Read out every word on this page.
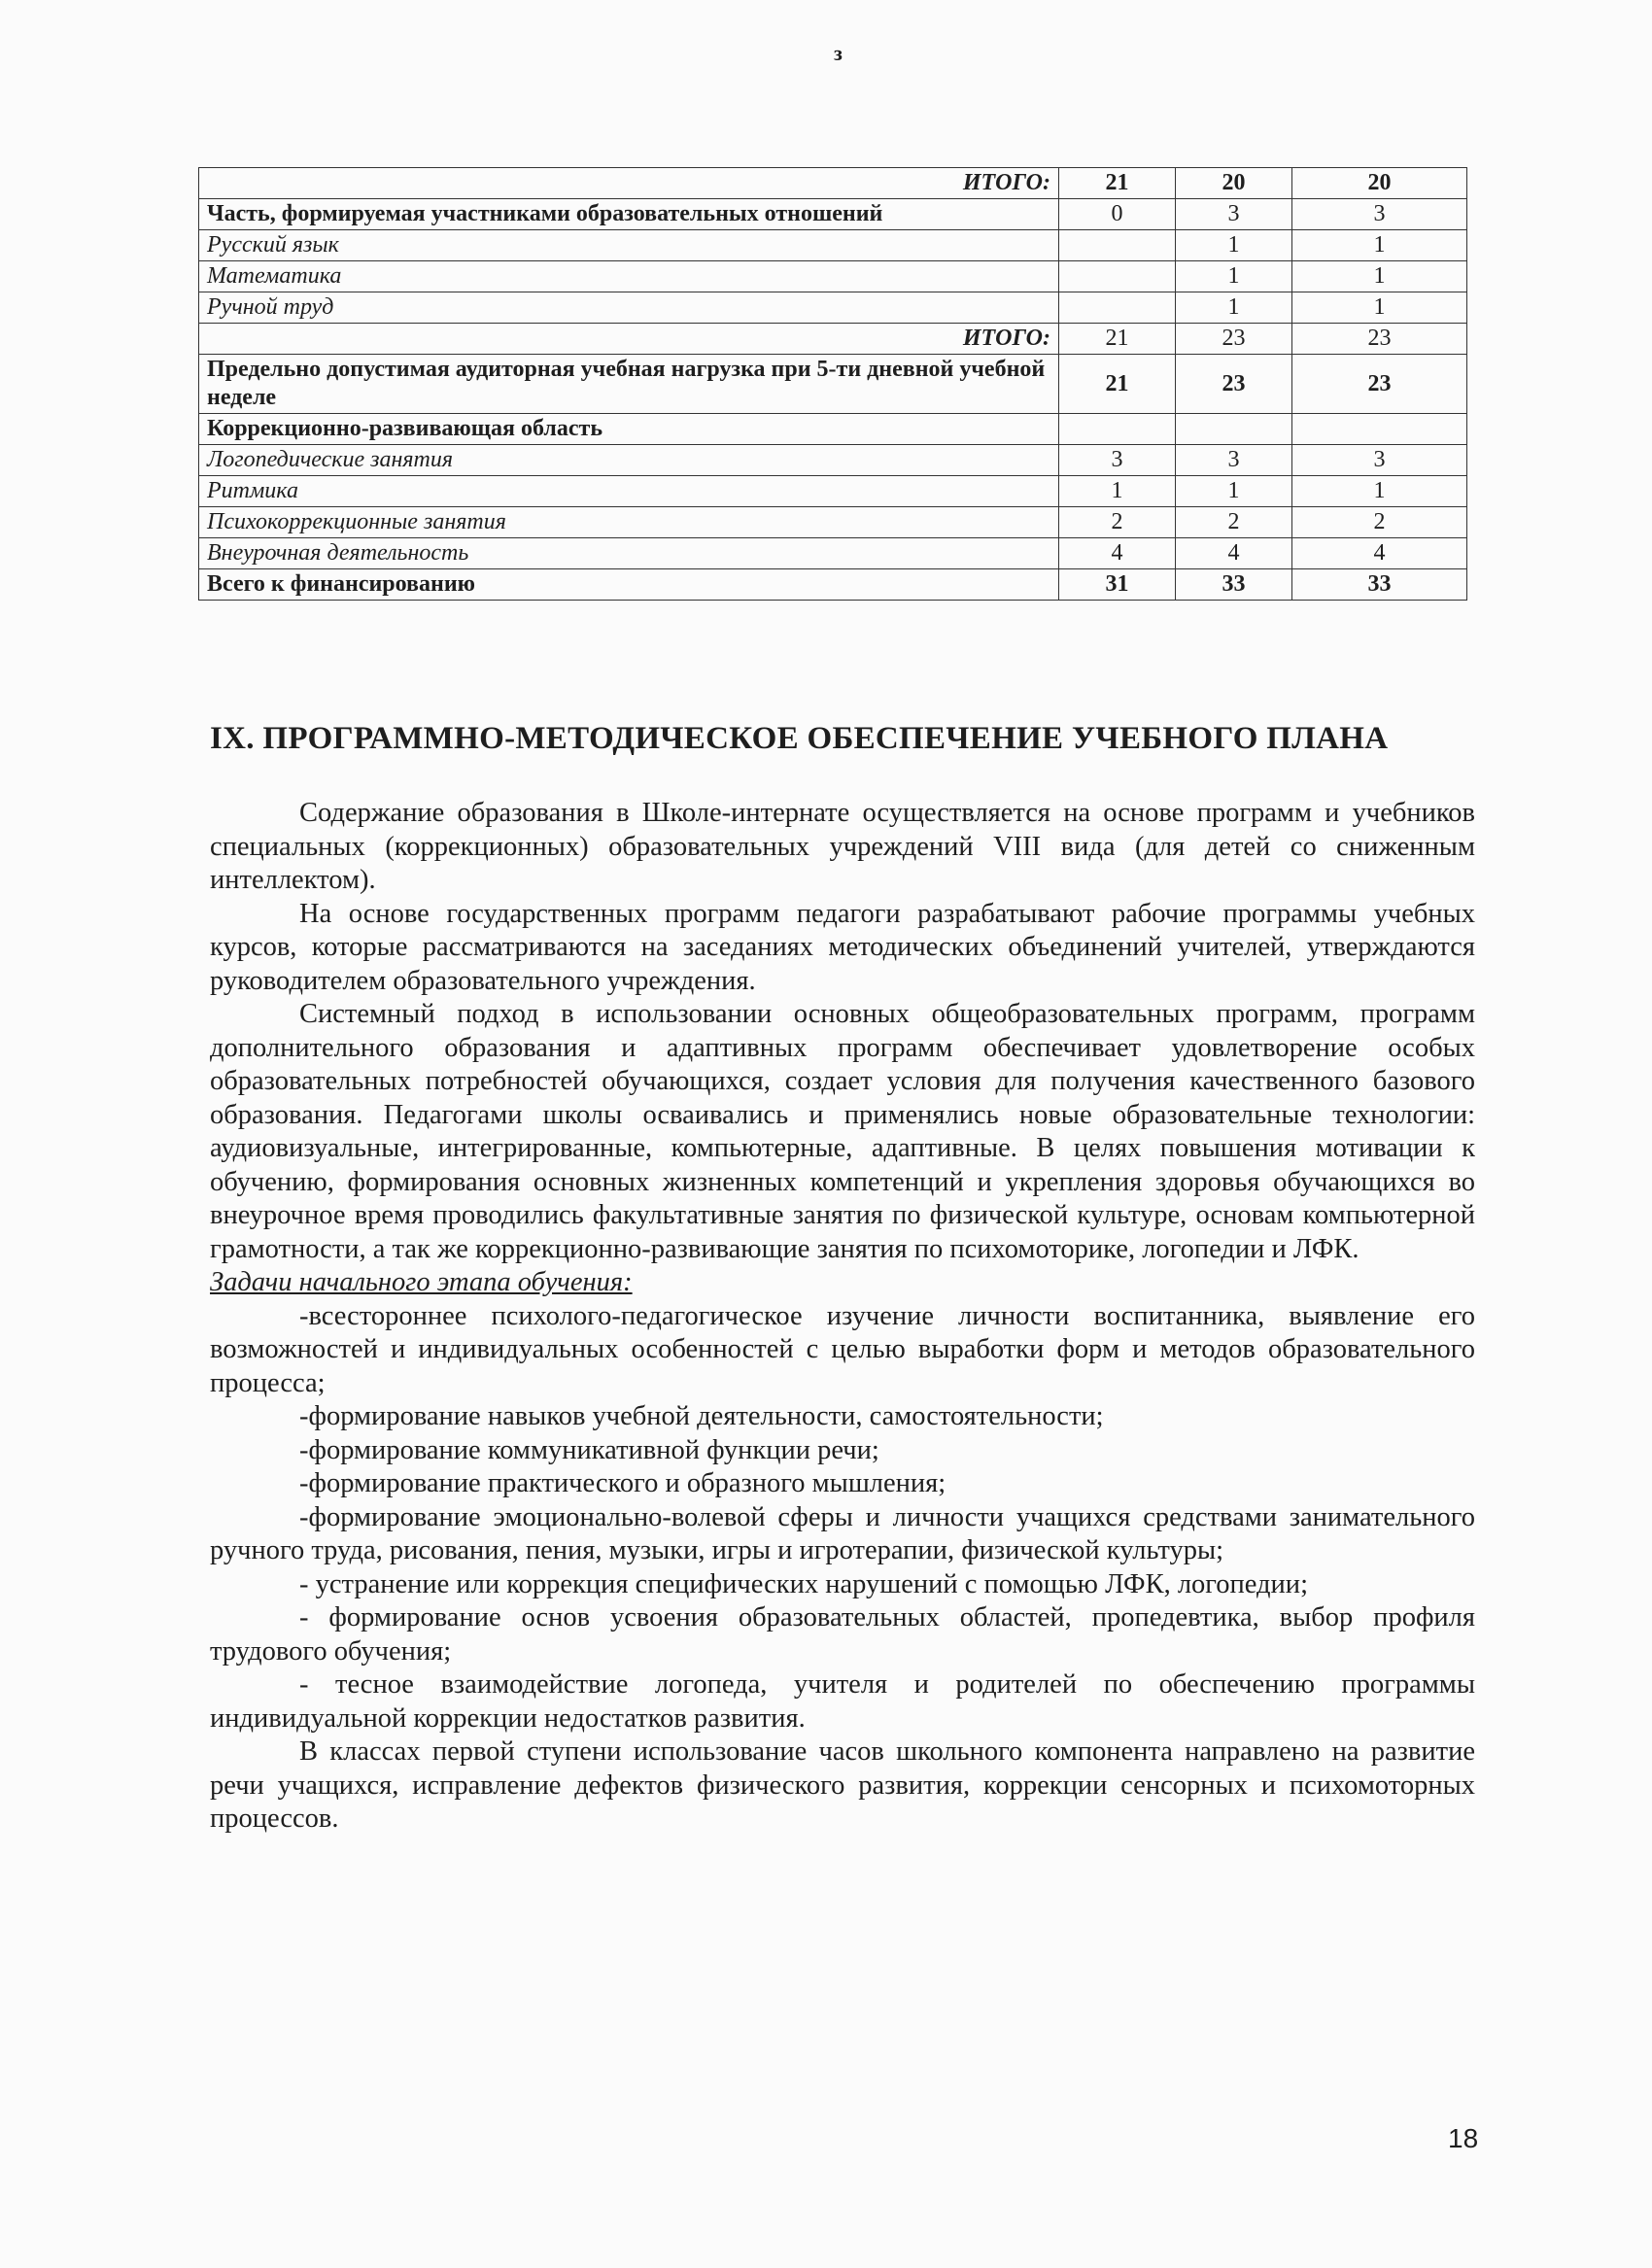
з
ИТОГО:	21	20	20
Часть, формируемая участниками образовательных отношений	0	3	3
Русский язык		1	1
Математика		1	1
Ручной труд		1	1
ИТОГО:	21	23	23
Предельно допустимая аудиторная учебная нагрузка при 5-ти дневной учебной неделе	21	23	23
Коррекционно-развивающая область			
Логопедические занятия	3	3	3
Ритмика	1	1	1
Психокоррекционные занятия	2	2	2
Внеурочная деятельность	4	4	4
Всего к финансированию	31	33	33
IX. ПРОГРАММНО-МЕТОДИЧЕСКОЕ ОБЕСПЕЧЕНИЕ УЧЕБНОГО ПЛАНА

Содержание образования в Школе-интернате осуществляется на основе программ и учебников специальных (коррекционных) образовательных учреждений VIII вида (для детей со сниженным интеллектом).

На основе государственных программ педагоги разрабатывают рабочие программы учебных курсов, которые рассматриваются на заседаниях методических объединений учителей, утверждаются руководителем образовательного учреждения.

Системный подход в использовании основных общеобразовательных программ, программ дополнительного образования и адаптивных программ обеспечивает удовлетворение особых образовательных потребностей обучающихся, создает условия для получения качественного базового образования. Педагогами школы осваивались и применялись новые образовательные технологии: аудиовизуальные, интегрированные, компьютерные, адаптивные. В целях повышения мотивации к обучению, формирования основных жизненных компетенций и укрепления здоровья обучающихся во внеурочное время проводились факультативные занятия по физической культуре, основам компьютерной грамотности, а так же коррекционно-развивающие занятия по психомоторике, логопедии и ЛФК.

Задачи начального этапа обучения:

-всестороннее психолого-педагогическое изучение личности воспитанника, выявление его возможностей и индивидуальных особенностей с целью выработки форм и методов образовательного процесса;

-формирование навыков учебной деятельности, самостоятельности;

-формирование коммуникативной функции речи;

-формирование практического и образного мышления;

-формирование эмоционально-волевой сферы и личности учащихся средствами занимательного ручного труда, рисования, пения, музыки, игры и игротерапии, физической культуры;

- устранение или коррекция специфических нарушений с помощью ЛФК, логопедии;

- формирование основ усвоения образовательных областей, пропедевтика, выбор профиля трудового обучения;

- тесное взаимодействие логопеда, учителя и родителей по обеспечению программы индивидуальной коррекции недостатков развития.

В классах первой ступени использование часов школьного компонента направлено на развитие речи учащихся, исправление дефектов физического развития, коррекции сенсорных и психомоторных процессов.

18
